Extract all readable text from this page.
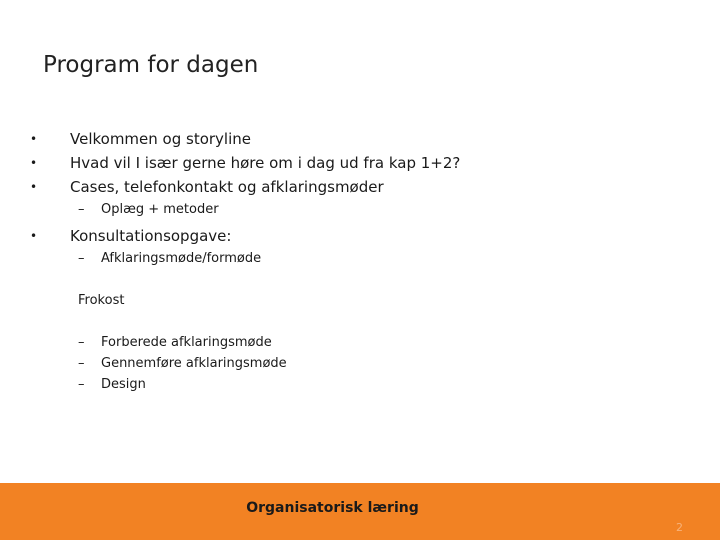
Program for dagen
• Velkommen og storyline
• Hvad vil I især gerne høre om i dag ud fra kap 1+2?
• Cases, telefonkontakt og afklaringsmøder
– Oplæg + metoder
• Konsultationsopgave:
– Afklaringsmøde/formøde
Frokost
– Forberede afklaringsmøde
– Gennemføre afklaringsmøde
– Design
Organisatorisk læring
2
